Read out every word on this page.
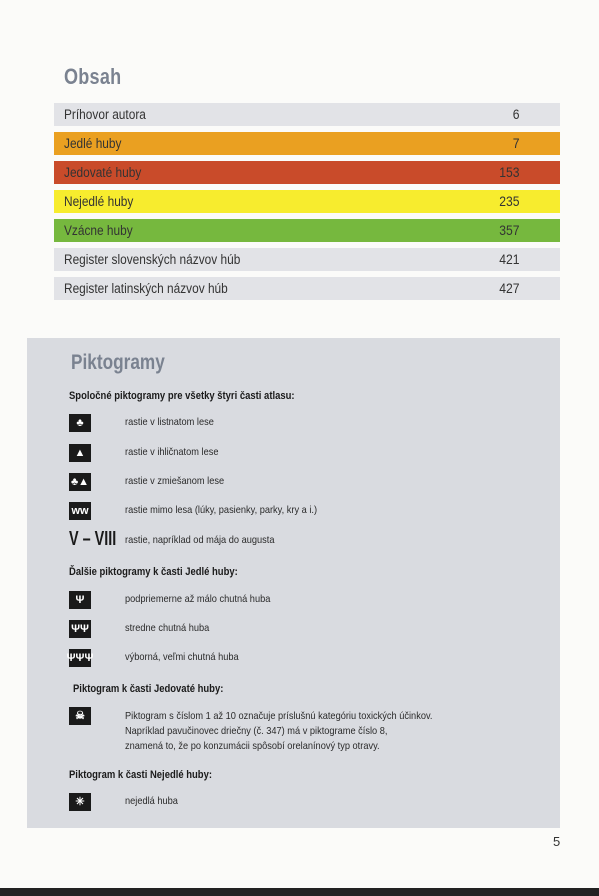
Obsah
Príhovor autora	6
Jedlé huby	7
Jedovaté huby	153
Nejedlé huby	235
Vzácne huby	357
Register slovenských názvov húb	421
Register latinských názvov húb	427
Piktogramy
Spoločné piktogramy pre všetky štyri časti atlasu:
♣	rastie v listnatom lese
▲	rastie v ihličnatom lese
♣▲	rastie v zmiešanom lese
ww	rastie mimo lesa (lúky, pasienky, parky, kry a i.)
V – VIII rastie, napríklad od mája do augusta
Ďalšie piktogramy k časti Jedlé huby:
Ψ	podpriemerne až málo chutná huba
ΨΨ	stredne chutná huba
ΨΨΨ	výborná, veľmi chutná huba
Piktogram k časti Jedovaté huby:
☠	Piktogram s číslom 1 až 10 označuje príslušnú kategóriu toxických účinkov.
Napríklad pavučinovec driečny (č. 347) má v piktograme číslo 8,
znamená to, že po konzumácii spôsobí orelanínový typ otravy.
Piktogram k časti Nejedlé huby:
✳	nejedlá huba
5
